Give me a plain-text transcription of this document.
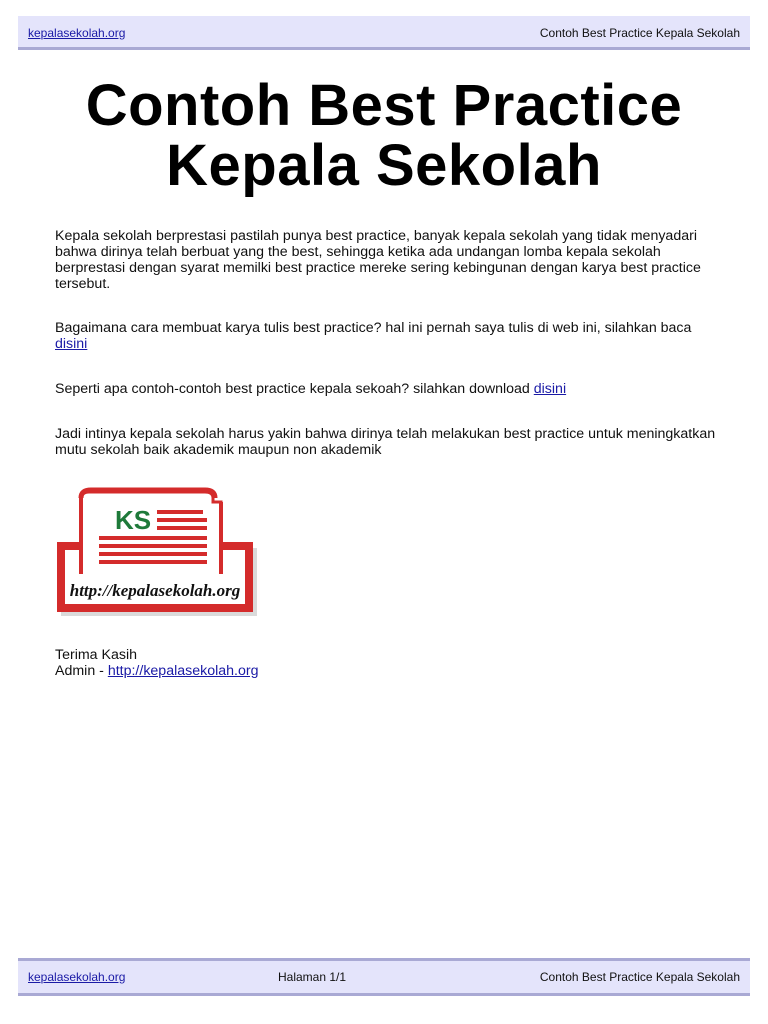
kepalasekolah.org	Contoh Best Practice Kepala Sekolah
Contoh Best Practice
Kepala Sekolah

Kepala sekolah berprestasi pastilah punya best practice, banyak kepala sekolah yang tidak menyadari bahwa dirinya telah berbuat yang the best, sehingga ketika ada undangan lomba kepala sekolah berprestasi dengan syarat memilki best practice mereke sering kebingunan dengan karya best practice tersebut.

Bagaimana cara membuat karya tulis best practice? hal ini pernah saya tulis di web ini, silahkan baca disini

Seperti apa contoh-contoh best practice kepala sekoah? silahkan download disini

Jadi intinya kepala sekolah harus yakin bahwa dirinya telah melakukan best practice untuk meningkatkan mutu sekolah baik akademik maupun non akademik

KS
http://kepalasekolah.org

Terima Kasih

Admin - http://kepalasekolah.org

kepalasekolah.org	Halaman 1/1	Contoh Best Practice Kepala Sekolah
